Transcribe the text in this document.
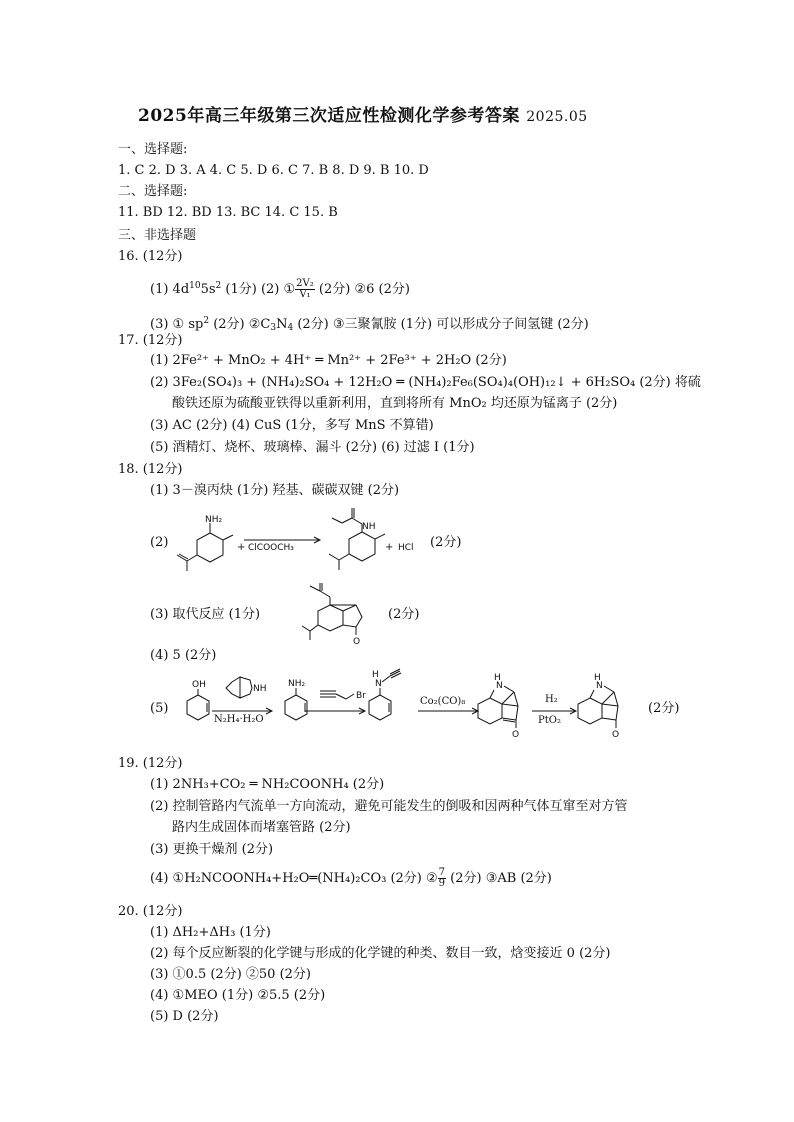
2025年高三年级第三次适应性检测化学参考答案 2025.05
一、选择题:
1. C 2. D 3. A 4. C 5. D 6. C 7. B 8. D 9. B 10. D
二、选择题:
11. BD 12. BD 13. BC 14. C 15. B
三、非选择题
16. (12分)
(1) $4d^{10}5s^2$ (1分) (2) ① $\frac{\text{2V₂}}{\text{V₁}} (2$分) ②6 (2分)
(3) ① $sp^2$ (2分) $②C_3N_4$ (2分) ③三聚氰胺 (1分) 可以形成分子间氢键 (2分)
17. (12分)
(1) 2Fe²⁺ + MnO₂ + 4H⁺ ═ Mn²⁺ + 2Fe³⁺ + 2H₂O (2分)
(2) 3Fe₂(SO₄)₃ + (NH₄)₂SO₄ + 12H₂O ═ (NH₄)₂Fe₆(SO₄)₄(OH)₁₂↓ + 6H₂SO₄ (2分) 将硫
酸铁还原为硫酸亚铁得以重新利用，直到将所有 MnO₂ 均还原为锰离子 (2分)
(3) AC (2分) (4) CuS (1分，多写 MnS 不算错)
(5) 酒精灯、烧杯、玻璃棒、漏斗 (2分) (6) 过滤 I (1分)
18. (12分)
(1) 3－溴丙炔 (1分) 羟基、碳碳双键 (2分)
(2)
NH₂
+ ClCOOCH₃
NH
+ HCl (2分)
(3) 取代反应 (1分)
O
(2分)
(4) 5 (2分)
(5)
OH	NH
N₂H₄·H₂O
NH₂
Br
H
N
Co₂(CO)₈
H
N
O
H₂
PtO₂
H
N
O
(2分)
19. (12分)
(1) 2NH₃+CO₂ ═ NH₂COONH₄ (2分)
(2) 控制管路内气流单一方向流动，避免可能发生的倒吸和因两种气体互窜至对方管
路内生成固体而堵塞管路 (2分)
(3) 更换干燥剂 (2分)
(4) ①H₂NCOONH₄+H₂O═(NH₄)₂CO₃ (2分) ② $\frac{7}{9} (2$分) ③AB (2分)
20. (12分)
(1) ΔH₂+ΔH₃ (1分)
(2) 每个反应断裂的化学键与形成的化学键的种类、数目一致，焓变接近 0 (2分)
(3) ①0.5 (2分) ②50 (2分)
(4) ①MEO (1分) ②5.5 (2分)
(5) D (2分)
